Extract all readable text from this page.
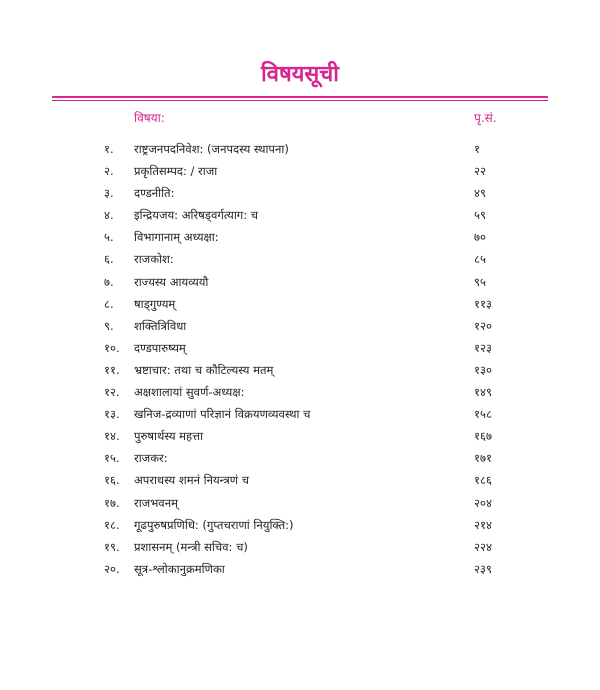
विषयसूची
विषया:	पृ.सं.
१. राष्ट्रजनपदनिवेश: (जनपदस्य स्थापना)	१
२. प्रकृतिसम्पद: / राजा	२२
३. दण्डनीति:	४९
४. इन्द्रियजय: अरिषड्वर्गत्याग: च	५९
५. विभागानाम् अध्यक्षा:	७०
६. राजकोश:	८५
७. राज्यस्य आयव्ययौ	९५
८. षाड्गुण्यम्	११३
९. शक्तित्रिविधा	१२०
१०. दण्डपारुष्यम्	१२३
११. भ्रष्टाचार: तथा च कौटिल्यस्य मतम्	१३०
१२. अक्षशालायां सुवर्ण-अध्यक्ष:	१४९
१३. खनिज-द्रव्याणां परिज्ञानं विक्रयणव्यवस्था च	१५८
१४. पुरुषार्थस्य महत्ता	१६७
१५. राजकर:	१७१
१६. अपराधस्य शमनं नियन्त्रणं च	१८६
१७. राजभवनम्	२०४
१८. गूढपुरुषप्रणिधि: (गुप्तचराणां नियुक्ति:)	२१४
१९. प्रशासनम् (मन्त्री सचिव: च)	२२४
२०. सूत्र-श्लोकानुक्रमणिका	२३९
